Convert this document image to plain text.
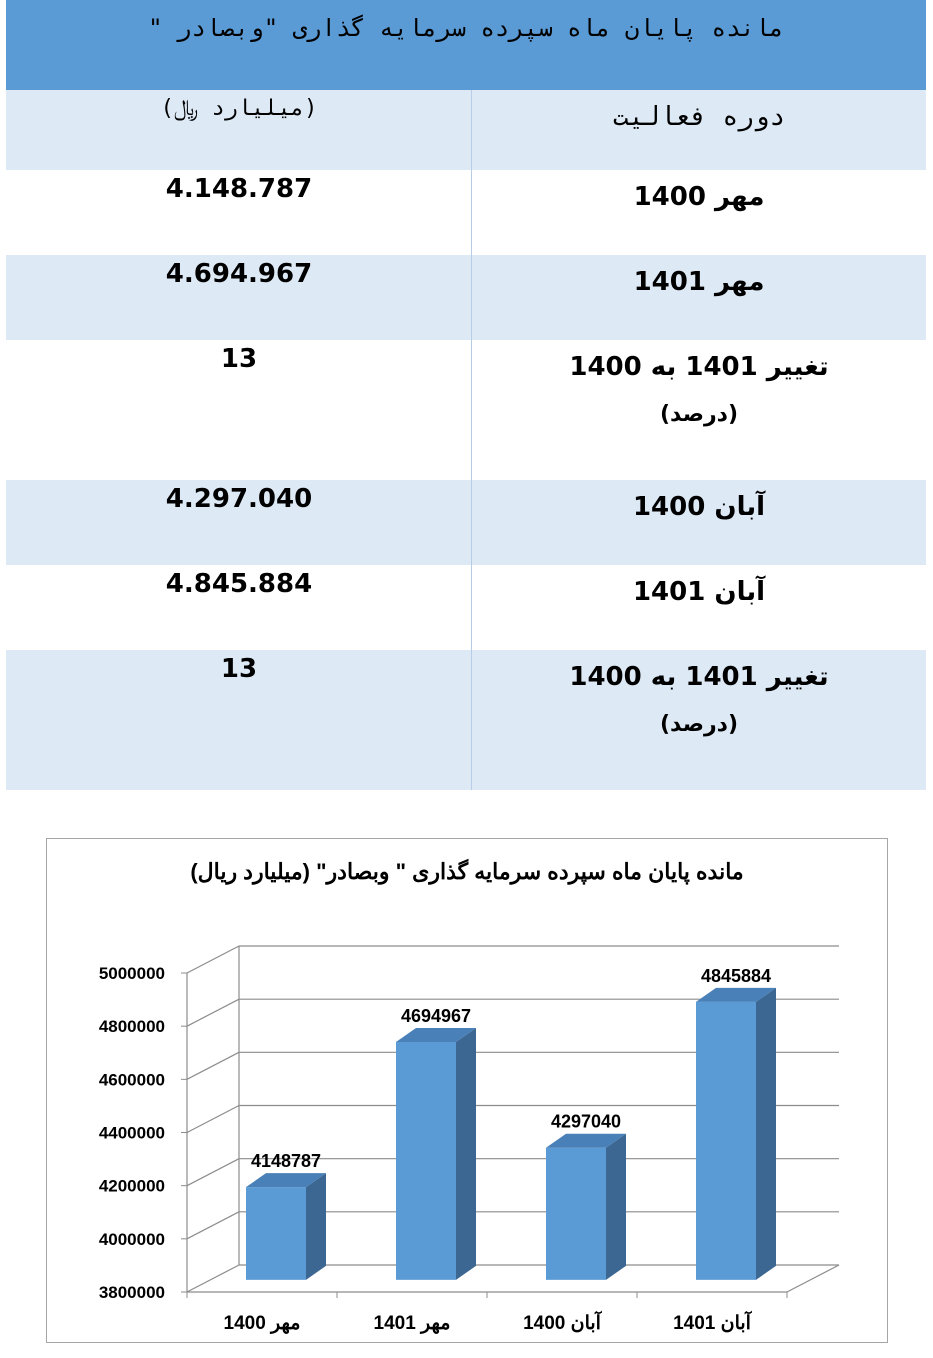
مانده پایان ماه سپرده سرمایه گذاری "وبصادر "
دوره فعالیت
(میلیارد ﷼)
مهر 1400
4.148.787
مهر 1401
4.694.967
تغییر 1401 به 1400
(درصد)
13
آبان 1400
4.297.040
آبان 1401
4.845.884
تغییر 1401 به 1400
(درصد)
13
مانده پایان ماه سپرده سرمایه گذاری " وبصادر" (میلیارد ریال)
3800000
4000000
4200000
4400000
4600000
4800000
5000000
4148787
مهر 1400
4694967
مهر 1401
4297040
آبان 1400
4845884
آبان 1401
